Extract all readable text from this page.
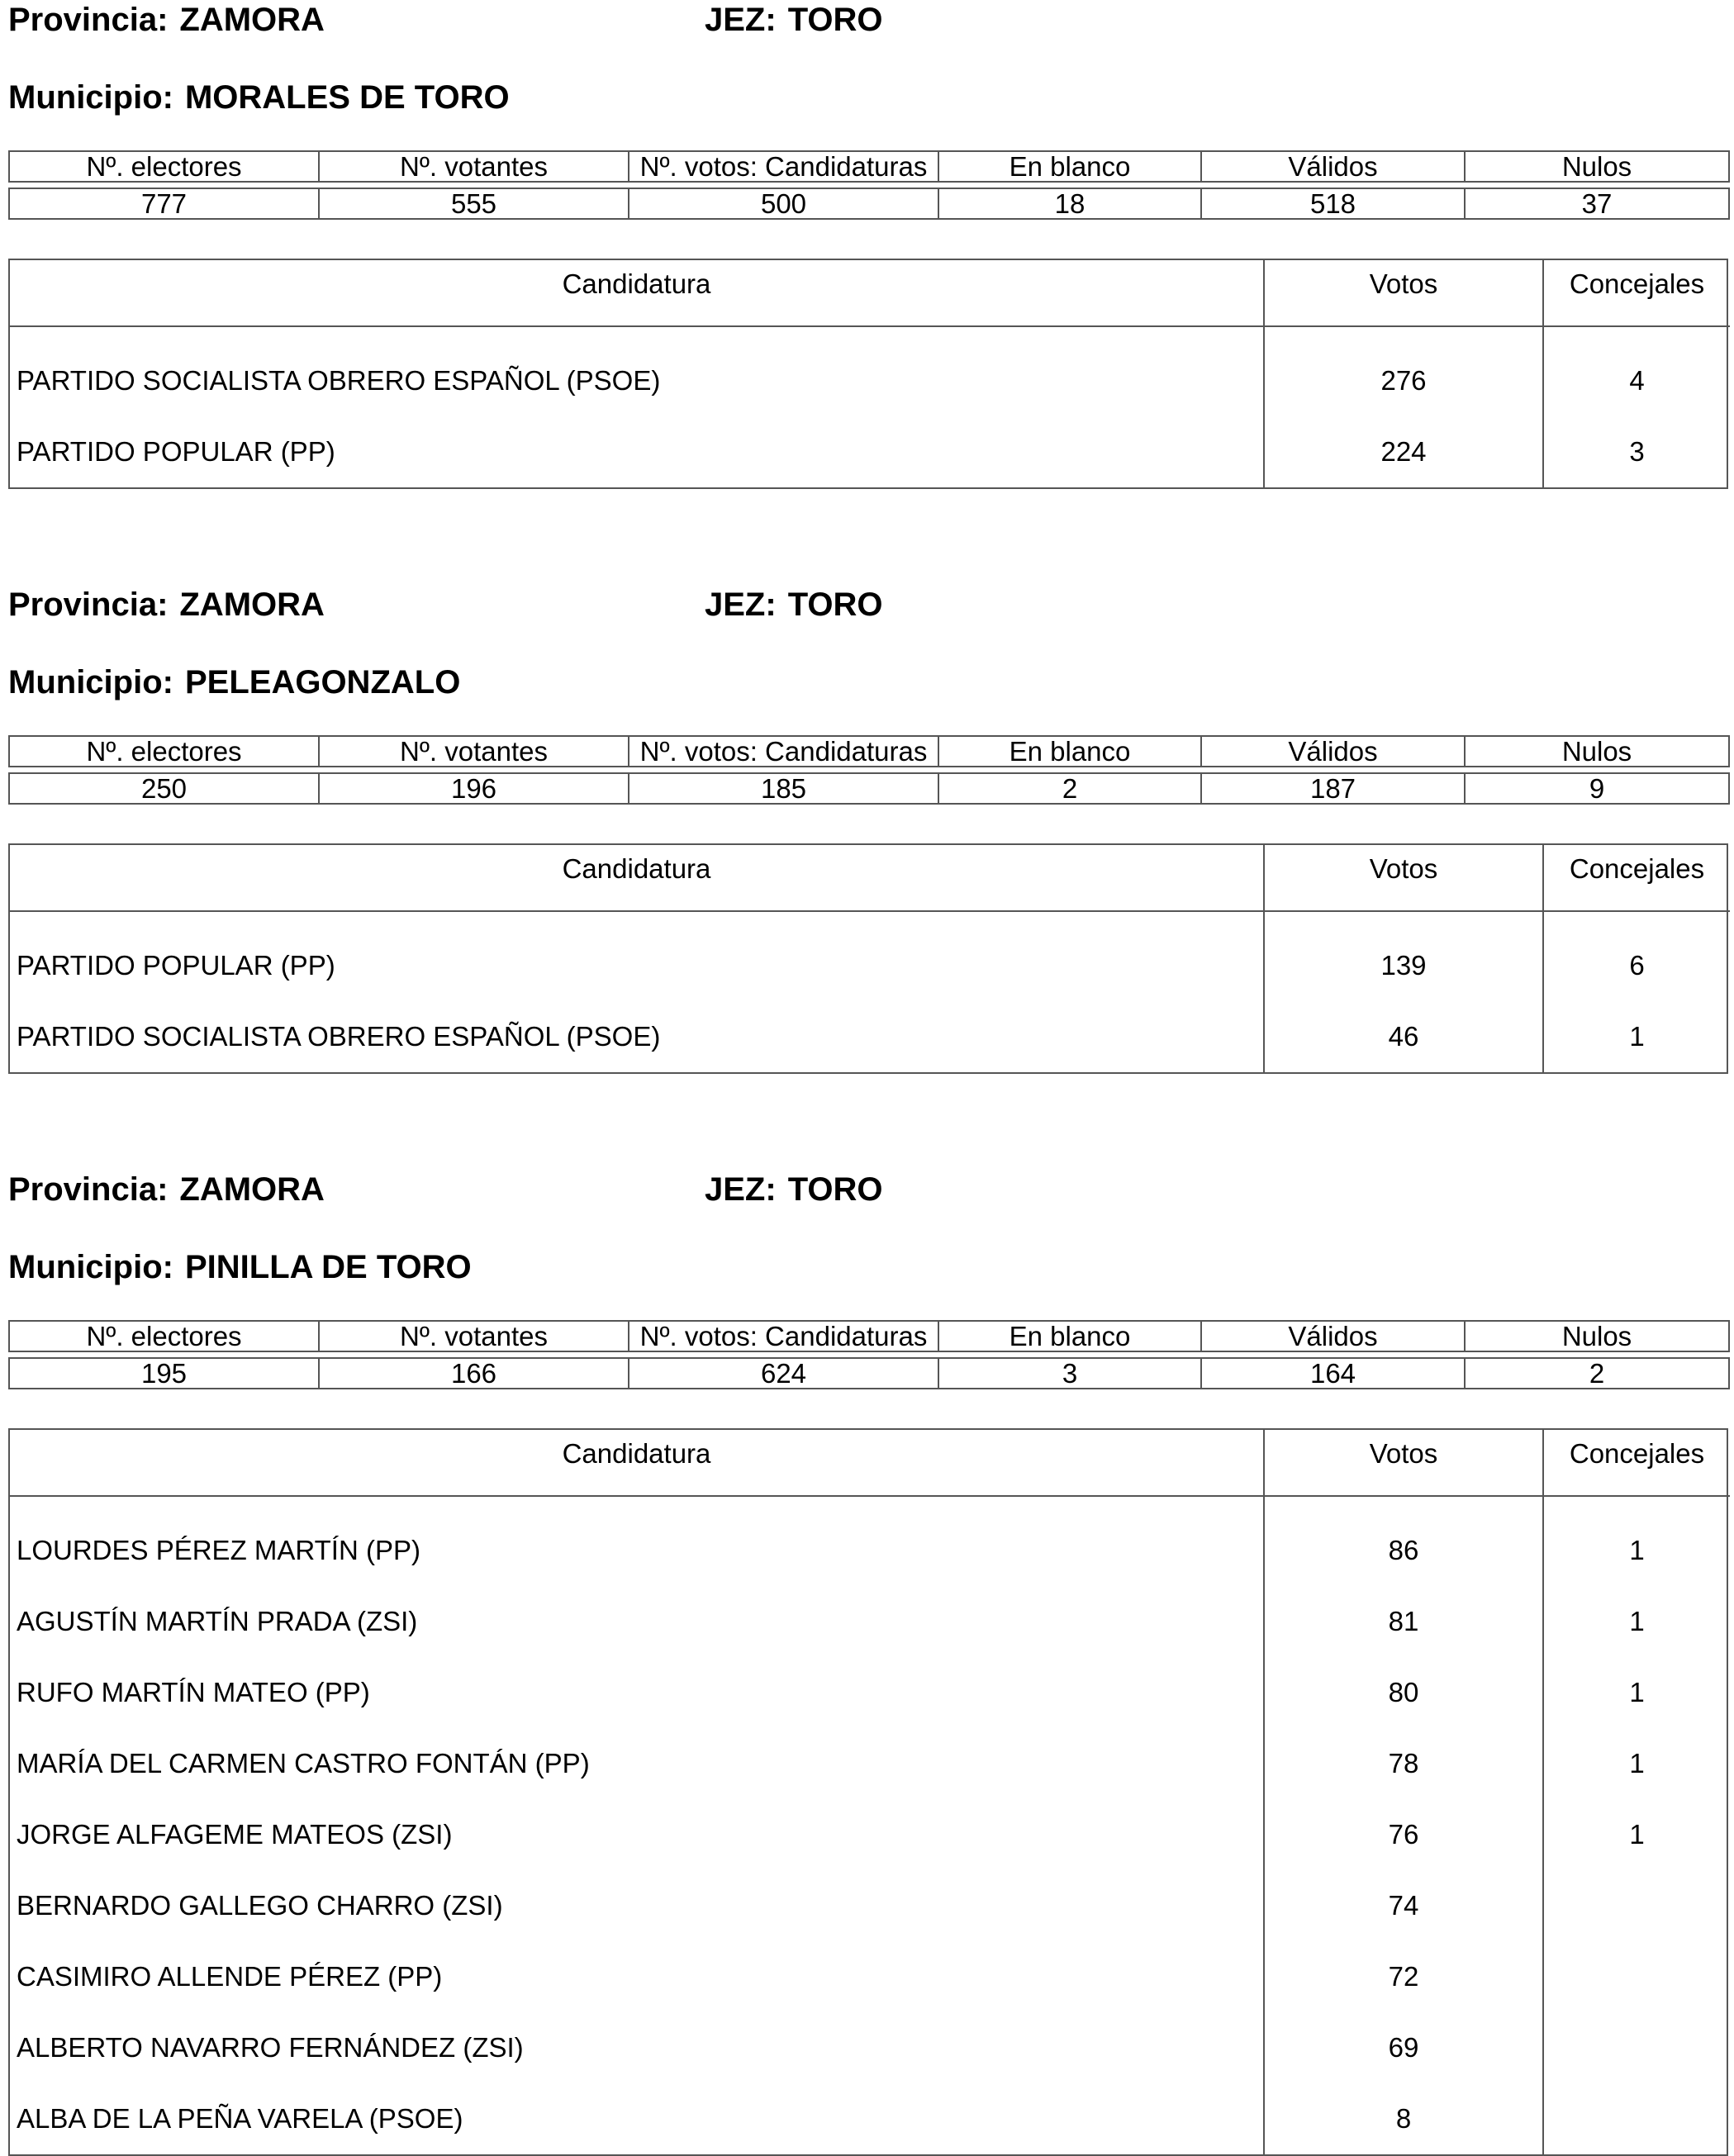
Provincia: ZAMORA	JEZ: TORO
Municipio: MORALES DE TORO
Nº. electores	Nº. votantes	Nº. votos: Candidaturas	En blanco	Válidos	Nulos

777	555	500	18	518	37
Candidatura	Votos	Concejales
PARTIDO SOCIALISTA OBRERO ESPAÑOL (PSOE)	276	4
PARTIDO POPULAR (PP)	224	3
Provincia: ZAMORA	JEZ: TORO
Municipio: PELEAGONZALO
Nº. electores	Nº. votantes	Nº. votos: Candidaturas	En blanco	Válidos	Nulos

250	196	185	2	187	9
Candidatura	Votos	Concejales
PARTIDO POPULAR (PP)	139	6
PARTIDO SOCIALISTA OBRERO ESPAÑOL (PSOE)	46	1
Provincia: ZAMORA	JEZ: TORO
Municipio: PINILLA DE TORO
Nº. electores	Nº. votantes	Nº. votos: Candidaturas	En blanco	Válidos	Nulos

195	166	624	3	164	2
Candidatura	Votos	Concejales
LOURDES PÉREZ MARTÍN (PP)	86	1
AGUSTÍN MARTÍN PRADA (ZSI)	81	1
RUFO MARTÍN MATEO (PP)	80	1
MARÍA DEL CARMEN CASTRO FONTÁN (PP)	78	1
JORGE ALFAGEME MATEOS (ZSI)	76	1
BERNARDO GALLEGO CHARRO (ZSI)	74	
CASIMIRO ALLENDE PÉREZ (PP)	72	
ALBERTO NAVARRO FERNÁNDEZ (ZSI)	69	
ALBA DE LA PEÑA VARELA (PSOE)	8	
